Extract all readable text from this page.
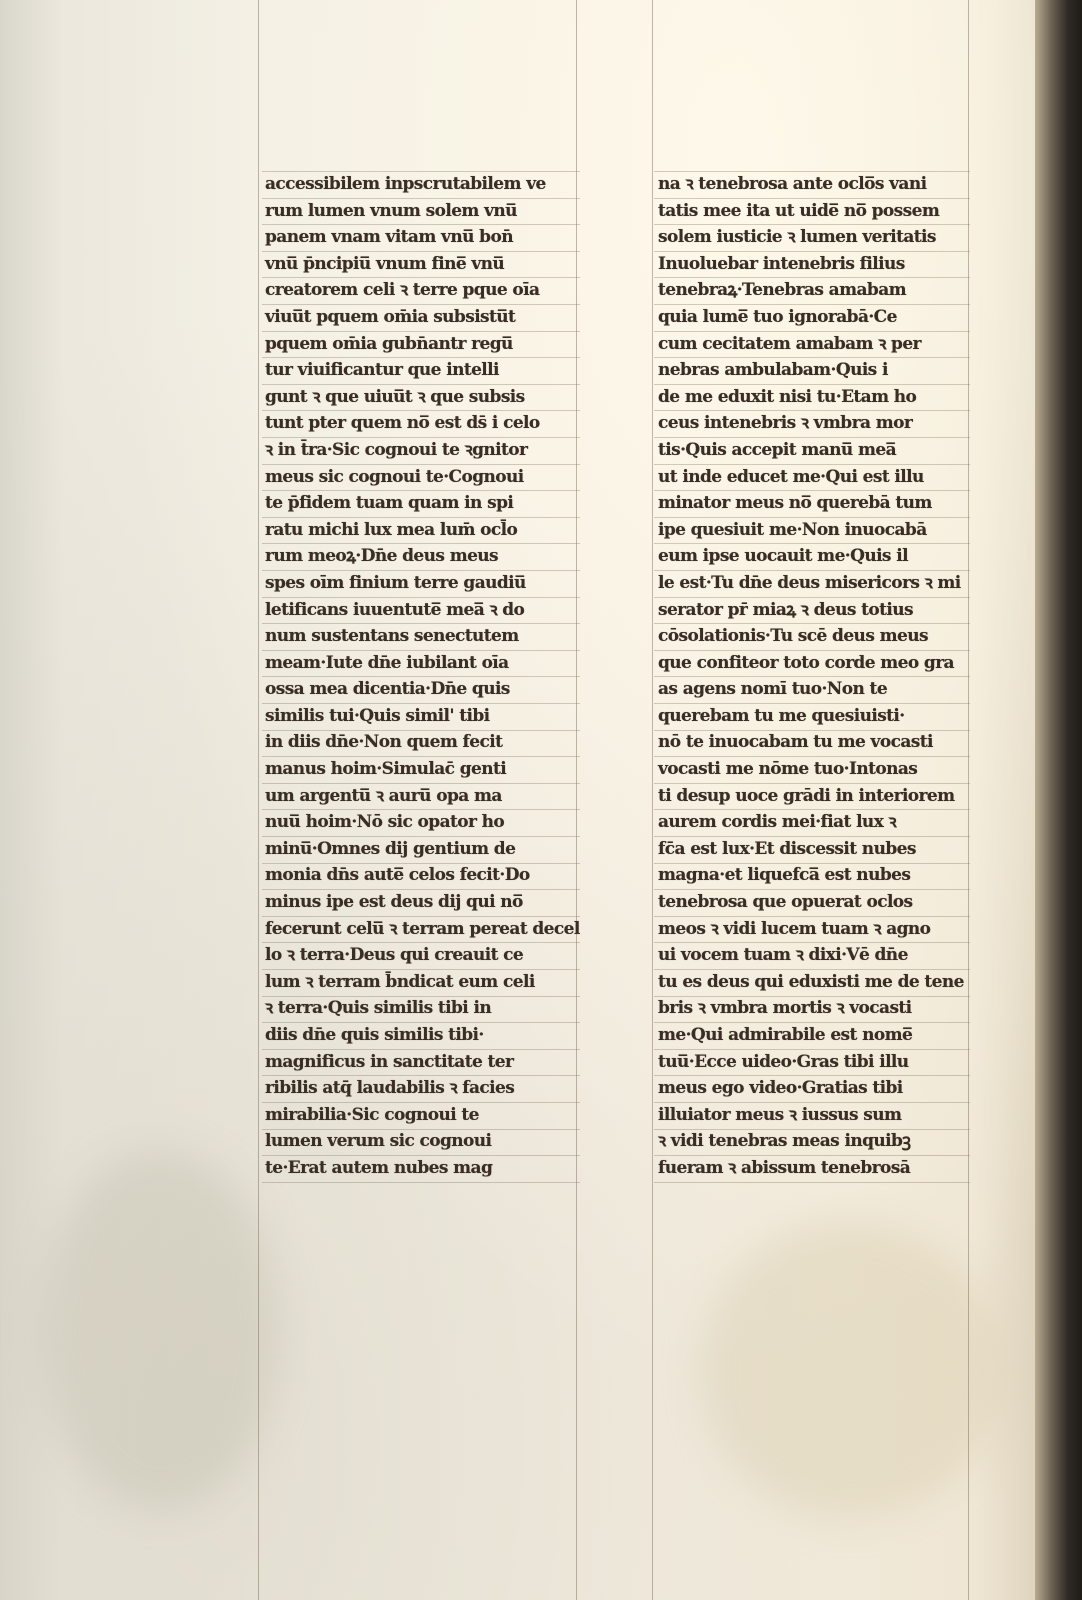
accessibilem inpscrutabilem ve
rum lumen vnum solem vnu̅
panem vnam vitam vnu̅ bon̄
vnu̅ p̄ncipiu̅ vnum fine̅ vnu̅
creatorem celi ꝛ terre pque oīa
viuu̅t pquem om̄ia subsistu̅t
pquem om̄ia gubn̄antr regu̅
tur viuificantur que intelli
gunt ꝛ que uiuu̅t ꝛ que subsis
tunt pter quem no̅ est ds̄ i celo
ꝛ in t̄ra·Sic cognoui te ꝛgnitor
meus sic cognoui te·Cognoui
te p̄fidem tuam quam in spi
ratu michi lux mea lum̄ ocl̄o
rum meoꝝ·Dn̄e deus meus
spes oīm finium terre gaudiu̅
letificans iuuentute̅ mea̅ ꝛ do
num sustentans senectutem
meam·Iute dn̄e iubilant oīa
ossa mea dicentia·Dn̄e quis
similis tui·Quis simil' tibi
in diis dn̄e·Non quem fecit
manus hoim·Simulac̄ genti
um argentu̅ ꝛ auru̅ opa ma
nuu̅ hoim·Nō sic opator ho
minu̅·Omnes dij gentium de
monia dn̄s aute̅ celos fecit·Do
minus ipe est deus dij qui no̅
fecerunt celu̅ ꝛ terram pereat decel
lo ꝛ terra·Deus qui creauit ce
lum ꝛ terram b̄ndicat eum celi
ꝛ terra·Quis similis tibi in
diis dn̄e quis similis tibi·
magnificus in sanctitate ter
ribilis atq̄ laudabilis ꝛ facies
mirabilia·Sic cognoui te
lumen verum sic cognoui
te·Erat autem nubes mag
na ꝛ tenebrosa ante oclo̅s vani
tatis mee ita ut uide̅ no̅ possem
solem iusticie ꝛ lumen veritatis
Inuoluebar intenebris filius
tenebraꝝ·Tenebras amabam
quia lume̅ tuo ignorabā·Ce
cum cecitatem amabam ꝛ per
nebras ambulabam·Quis i
de me eduxit nisi tu·Etam ho
ceus intenebris ꝛ vmbra mor
tis·Quis accepit manu̅ mea̅
ut inde educet me·Qui est illu
minator meus no̅ querebā tum
ipe quesiuit me·Non inuocabā
eum ipse uocauit me·Quis il
le est·Tu dn̄e deus misericors ꝛ mi
serator pr̄ miaꝝ ꝛ deus totius
cōsolationis·Tu scē deus meus
que confiteor toto corde meo gra
as agens nomī tuo·Non te
querebam tu me quesiuisti·
nō te inuocabam tu me vocasti
vocasti me nōme tuo·Intonas
ti desup uoce grādi in interiorem
aurem cordis mei·fiat lux ꝛ
fc̄a est lux·Et discessit nubes
magna·et liquefca̅ est nubes
tenebrosa que opuerat oclos
meos ꝛ vidi lucem tuam ꝛ agno
ui vocem tuam ꝛ dixi·Vē dn̄e
tu es deus qui eduxisti me de tene
bris ꝛ vmbra mortis ꝛ vocasti
me·Qui admirabile est nome̅
tuu̅·Ecce uideo·Gras tibi illu
meus ego video·Gratias tibi
illuiator meus ꝛ iussus sum
ꝛ vidi tenebras meas inquibꝫ
fueram ꝛ abissum tenebrosā
